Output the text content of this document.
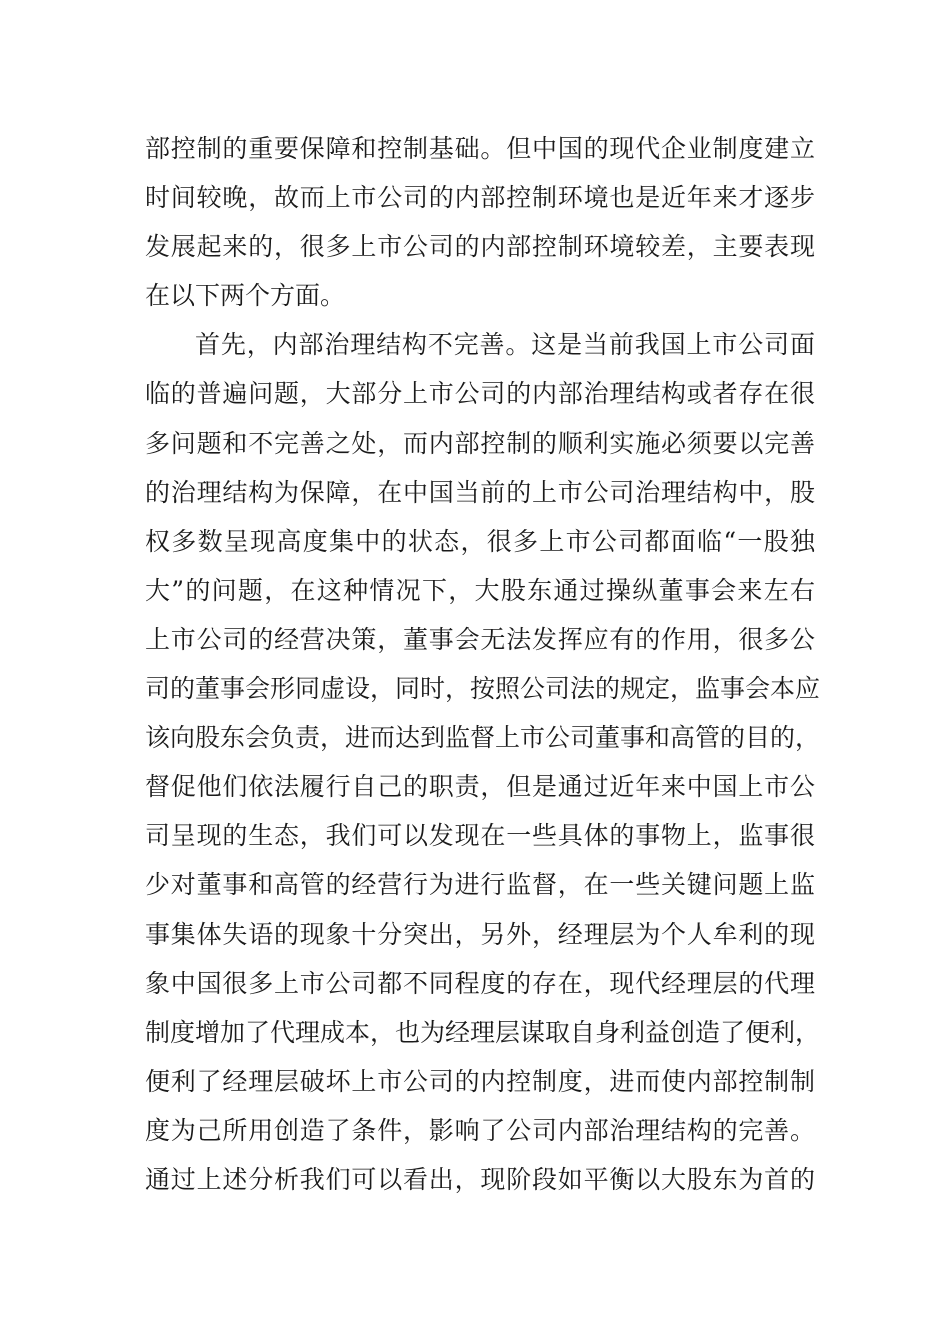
部控制的重要保障和控制基础。但中国的现代企业制度建立
时间较晚，故而上市公司的内部控制环境也是近年来才逐步
发展起来的，很多上市公司的内部控制环境较差，主要表现
在以下两个方面。
首先，内部治理结构不完善。这是当前我国上市公司面
临的普遍问题，大部分上市公司的内部治理结构或者存在很
多问题和不完善之处，而内部控制的顺利实施必须要以完善
的治理结构为保障，在中国当前的上市公司治理结构中，股
权多数呈现高度集中的状态，很多上市公司都面临“一股独
大”的问题，在这种情况下，大股东通过操纵董事会来左右
上市公司的经营决策，董事会无法发挥应有的作用，很多公
司的董事会形同虚设，同时，按照公司法的规定，监事会本应
该向股东会负责，进而达到监督上市公司董事和高管的目的，
督促他们依法履行自己的职责，但是通过近年来中国上市公
司呈现的生态，我们可以发现在一些具体的事物上，监事很
少对董事和高管的经营行为进行监督，在一些关键问题上监
事集体失语的现象十分突出，另外，经理层为个人牟利的现
象中国很多上市公司都不同程度的存在，现代经理层的代理
制度增加了代理成本，也为经理层谋取自身利益创造了便利，
便利了经理层破坏上市公司的内控制度，进而使内部控制制
度为己所用创造了条件，影响了公司内部治理结构的完善。
通过上述分析我们可以看出，现阶段如平衡以大股东为首的
